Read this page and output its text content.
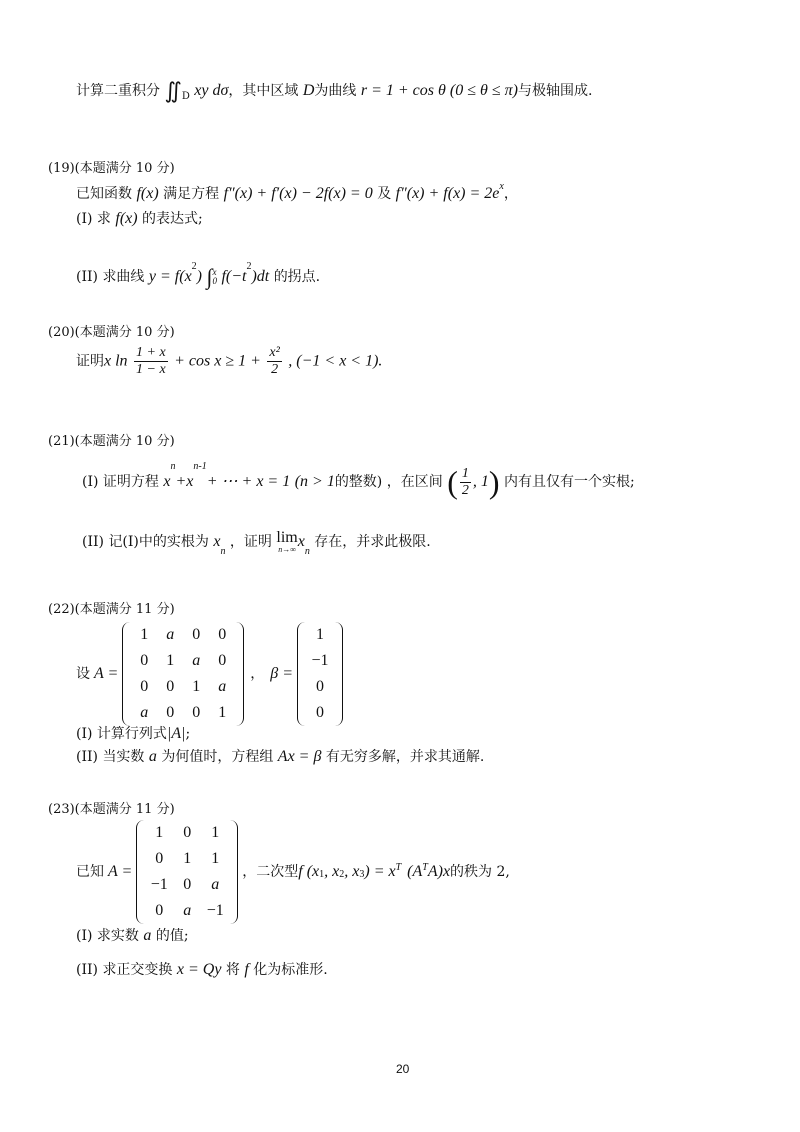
计算二重积分 $∬_D$ xy dσ，其中区域 D为曲线 r = 1 + cos θ (0 ≤ θ ≤ π)与极轴围成.
(19)(本题满分 10 分)
已知函数 f(x) 满足方程 f″(x) + f′(x) − 2f(x) = 0 及 $f''(x) + f(x) = 2e^x$，
(I) 求 f(x) 的表达式;
(II) 求曲线 $y = f(x^2)$ ∫ x
0 $f(-t^2)dt$ 的拐点.
(20)(本题满分 10 分)
证明x $\ln \frac{1 + x}{1 - x} + \cos x \ge 1 + \frac{\text{x²}}{2}$ , (−1 < x < 1).
(21)(本题满分 10 分)
(I) 证明方程 $x^n+x^{n-1}+$ ⋯ + x = 1 (n > 1的整数) ，在区间 ( $\frac{1}{2}$ , 1) 内有且仅有一个实根;
(II) 记(I)中的实根为 $x_n$ ，证明 lim
n→∞ $x_n$ 存在，并求此极限.
(22)(本题满分 11 分)
设 A =
1	a	0	0
0	1	a	0
0	0	1	a
a	0	0	1
， β =
1
−1
0
0
(I) 计算行列式|A|;
(II) 当实数 a 为何值时，方程组 Ax = β 有无穷多解，并求其通解.
(23)(本题满分 11 分)
已知 A =
1	0	1
0	1	1
−1 0	a
0	a −1
，二次型 f (x 1 , x 2 , x 3 ) = x T (A T A)x 的秩为 2,
(I) 求实数 a 的值;
(II) 求正交变换 x = Qy 将 f 化为标准形.
20
